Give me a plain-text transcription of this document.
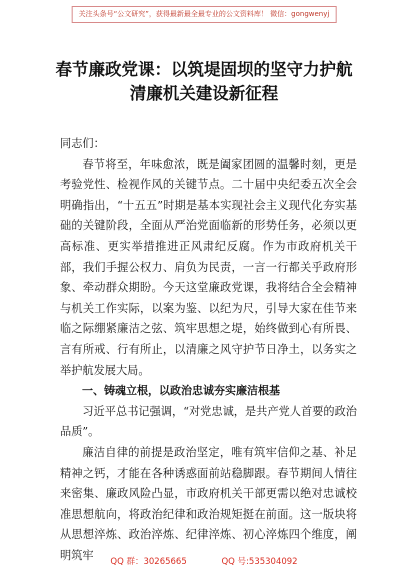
关注头条号“公文研究”，获得最新最全最专业的公文资料库！ 微信：gongwenyj
春节廉政党课：以筑堤固坝的坚守力护航
清廉机关建设新征程

同志们：

春节将至，年味愈浓，既是阖家团圆的温馨时刻，更是考验党性、检视作风的关键节点。二十届中央纪委五次全会明确指出，“十五五”时期是基本实现社会主义现代化夯实基础的关键阶段，全面从严治党面临新的形势任务，必须以更高标准、更实举措推进正风肃纪反腐。作为市政府机关干部，我们手握公权力、肩负为民责，一言一行都关乎政府形象、牵动群众期盼。今天这堂廉政党课，我将结合全会精神与机关工作实际，以案为鉴、以纪为尺，引导大家在佳节来临之际绷紧廉洁之弦、筑牢思想之堤，始终做到心有所畏、言有所戒、行有所止，以清廉之风守护节日净土，以务实之举护航发展大局。

一、铸魂立根，以政治忠诚夯实廉洁根基

习近平总书记强调，“对党忠诚，是共产党人首要的政治品质”。

廉洁自律的前提是政治坚定，唯有筑牢信仰之基、补足精神之钙，才能在各种诱惑面前站稳脚跟。春节期间人情往来密集、廉政风险凸显，市政府机关干部更需以绝对忠诚校准思想航向，将政治纪律和政治规矩挺在前面。这一版块将从思想淬炼、政治淬炼、纪律淬炼、初心淬炼四个维度，阐明筑牢

QQ 群：30265665	QQ 号:535304092
